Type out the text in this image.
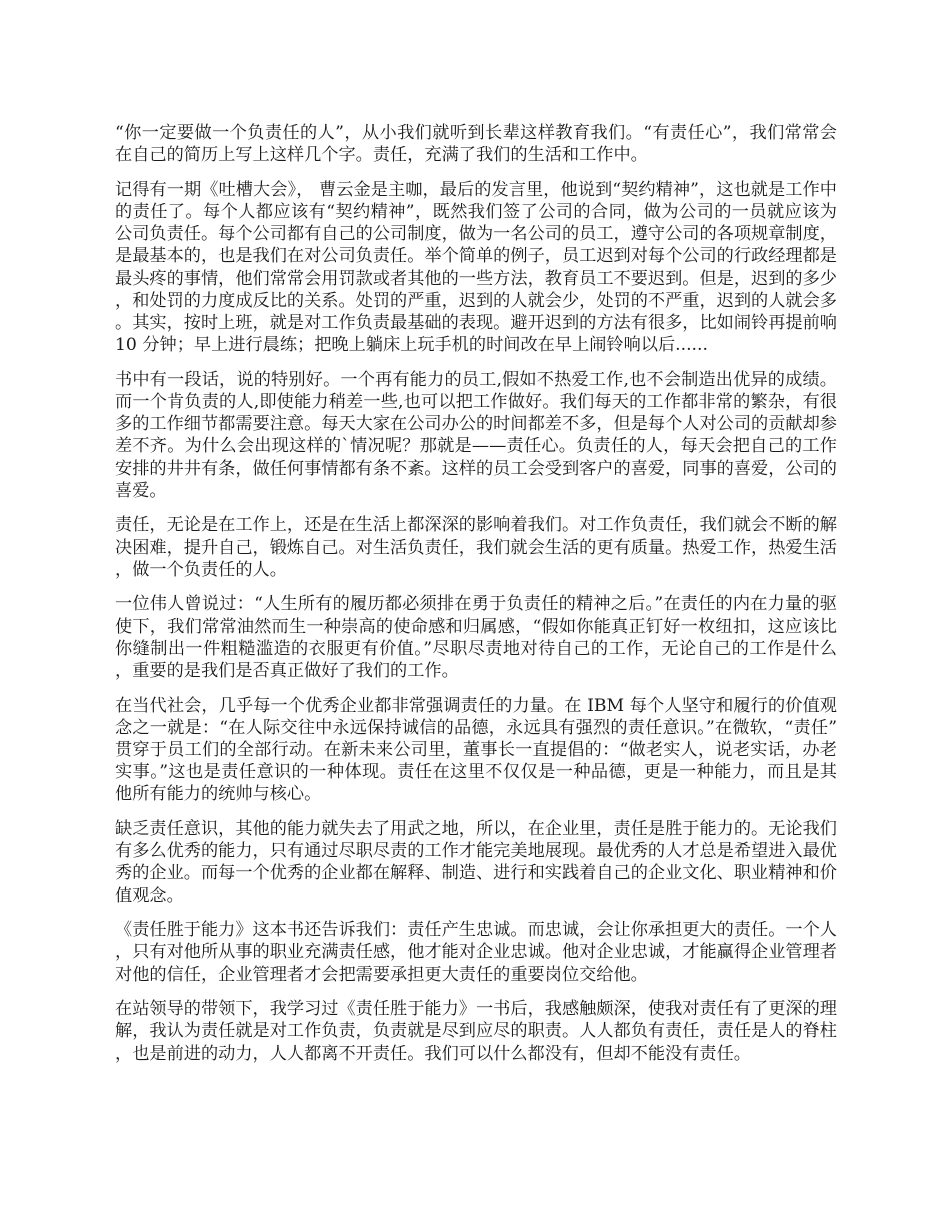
“你一定要做一个负责任的人”，从小我们就听到长辈这样教育我们。“有责任心”，我们常常会在自己的简历上写上这样几个字。责任，充满了我们的生活和工作中。

记得有一期《吐槽大会》， 曹云金是主咖，最后的发言里，他说到“契约精神”，这也就是工作中的责任了。每个人都应该有“契约精神”，既然我们签了公司的合同，做为公司的一员就应该为公司负责任。每个公司都有自己的公司制度，做为一名公司的员工，遵守公司的各项规章制度，是最基本的，也是我们在对公司负责任。举个简单的例子，员工迟到对每个公司的行政经理都是最头疼的事情，他们常常会用罚款或者其他的一些方法，教育员工不要迟到。但是，迟到的多少，和处罚的力度成反比的关系。处罚的严重，迟到的人就会少，处罚的不严重，迟到的人就会多。其实，按时上班，就是对工作负责最基础的表现。避开迟到的方法有很多，比如闹铃再提前响 10 分钟；早上进行晨练；把晚上躺床上玩手机的时间改在早上闹铃响以后......

书中有一段话，说的特别好。一个再有能力的员工,假如不热爱工作,也不会制造出优异的成绩。而一个肯负责的人,即使能力稍差一些,也可以把工作做好。我们每天的工作都非常的繁杂，有很多的工作细节都需要注意。每天大家在公司办公的时间都差不多，但是每个人对公司的贡献却参差不齐。为什么会出现这样的`情况呢？那就是——责任心。负责任的人，每天会把自己的工作安排的井井有条，做任何事情都有条不紊。这样的员工会受到客户的喜爱，同事的喜爱，公司的喜爱。

责任，无论是在工作上，还是在生活上都深深的影响着我们。对工作负责任，我们就会不断的解决困难，提升自己，锻炼自己。对生活负责任，我们就会生活的更有质量。热爱工作，热爱生活，做一个负责任的人。

一位伟人曾说过：“人生所有的履历都必须排在勇于负责任的精神之后。”在责任的内在力量的驱使下，我们常常油然而生一种崇高的使命感和归属感，“假如你能真正钉好一枚纽扣，这应该比你缝制出一件粗糙滥造的衣服更有价值。”尽职尽责地对待自己的工作，无论自己的工作是什么，重要的是我们是否真正做好了我们的工作。

在当代社会，几乎每一个优秀企业都非常强调责任的力量。在 IBM 每个人坚守和履行的价值观念之一就是：“在人际交往中永远保持诚信的品德，永远具有强烈的责任意识。”在微软，“责任”贯穿于员工们的全部行动。在新未来公司里，董事长一直提倡的：“做老实人，说老实话，办老实事。”这也是责任意识的一种体现。责任在这里不仅仅是一种品德，更是一种能力，而且是其他所有能力的统帅与核心。

缺乏责任意识，其他的能力就失去了用武之地，所以，在企业里，责任是胜于能力的。无论我们有多么优秀的能力，只有通过尽职尽责的工作才能完美地展现。最优秀的人才总是希望进入最优秀的企业。而每一个优秀的企业都在解释、制造、进行和实践着自己的企业文化、职业精神和价值观念。

《责任胜于能力》这本书还告诉我们：责任产生忠诚。而忠诚，会让你承担更大的责任。一个人，只有对他所从事的职业充满责任感，他才能对企业忠诚。他对企业忠诚，才能赢得企业管理者对他的信任，企业管理者才会把需要承担更大责任的重要岗位交给他。

在站领导的带领下，我学习过《责任胜于能力》一书后，我感触颇深，使我对责任有了更深的理解，我认为责任就是对工作负责，负责就是尽到应尽的职责。人人都负有责任，责任是人的脊柱，也是前进的动力，人人都离不开责任。我们可以什么都没有，但却不能没有责任。
